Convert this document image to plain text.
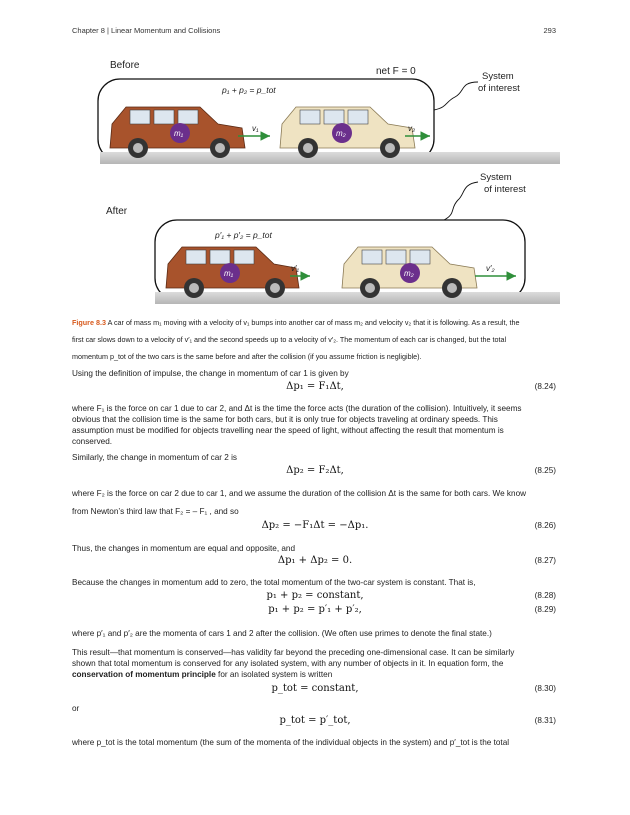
Chapter 8 | Linear Momentum and Collisions	293
Before
net F = 0	System
of interest
p₁ + p₂ = p_tot
m₁
v₁
m₂
v₂
System
of interest
After
p′₁ + p′₂ = p_tot
m₁
v′₁
m₂
v′₂
Figure 8.3 A car of mass m₁ moving with a velocity of v₁ bumps into another car of mass m₂ and velocity v₂ that it is following. As a result, the
first car slows down to a velocity of v′₁ and the second speeds up to a velocity of v′₂. The momentum of each car is changed, but the total
momentum p_tot of the two cars is the same before and after the collision (if you assume friction is negligible).
Using the definition of impulse, the change in momentum of car 1 is given by
Δp₁ = F₁Δt,	(8.24)
where F₁ is the force on car 1 due to car 2, and Δt is the time the force acts (the duration of the collision). Intuitively, it seems
obvious that the collision time is the same for both cars, but it is only true for objects traveling at ordinary speeds. This
assumption must be modified for objects travelling near the speed of light, without affecting the result that momentum is
conserved.
Similarly, the change in momentum of car 2 is
Δp₂ = F₂Δt,	(8.25)
where F₂ is the force on car 2 due to car 1, and we assume the duration of the collision Δt is the same for both cars. We know
from Newton’s third law that F₂ = – F₁ , and so
Δp₂ = −F₁Δt = −Δp₁.	(8.26)
Thus, the changes in momentum are equal and opposite, and
Δp₁ + Δp₂ = 0.	(8.27)
Because the changes in momentum add to zero, the total momentum of the two-car system is constant. That is,
p₁ + p₂ = constant,	(8.28)
p₁ + p₂ = p′₁ + p′₂,	(8.29)
where p′₁ and p′₂ are the momenta of cars 1 and 2 after the collision. (We often use primes to denote the final state.)
This result—that momentum is conserved—has validity far beyond the preceding one-dimensional case. It can be similarly
shown that total momentum is conserved for any isolated system, with any number of objects in it. In equation form, the
conservation of momentum principle for an isolated system is written
p_tot = constant,	(8.30)
or
p_tot = p′_tot,	(8.31)
where p_tot is the total momentum (the sum of the momenta of the individual objects in the system) and p′_tot is the total
